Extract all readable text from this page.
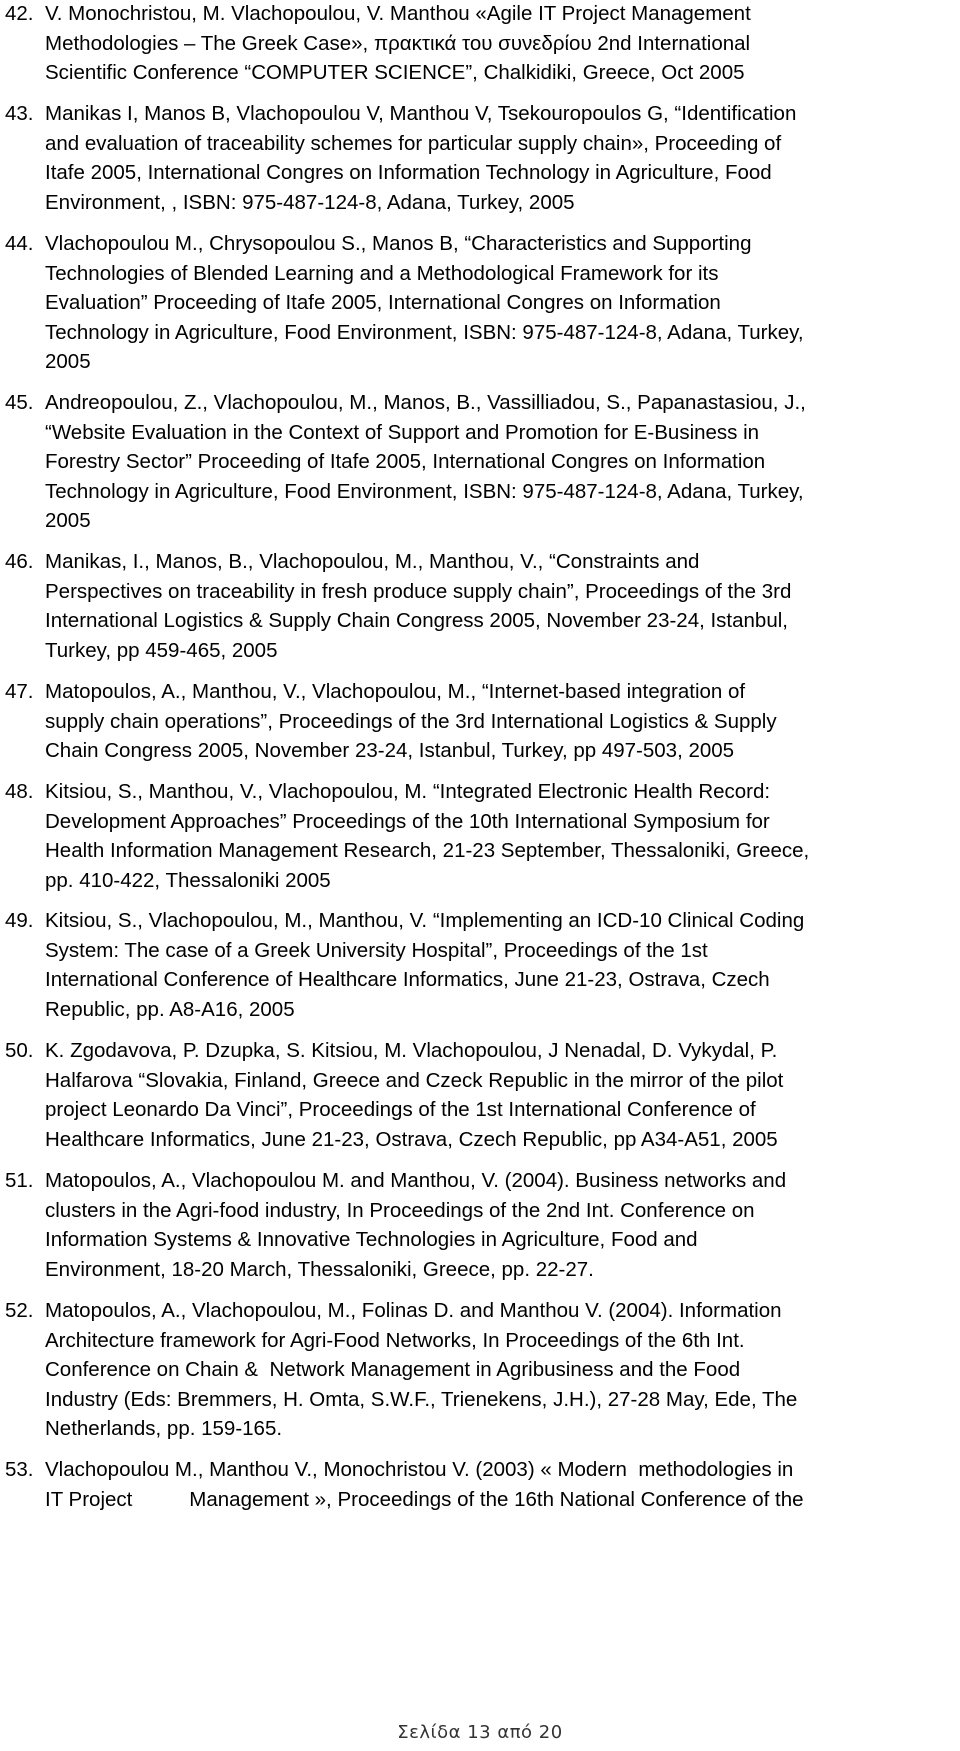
42. V. Monochristou, M. Vlachopoulou, V. Manthou «Agile IT Project Management
Methodologies – The Greek Case», πρακτικά του συνεδρίου 2nd International
Scientific Conference “COMPUTER SCIENCE”, Chalkidiki, Greece, Oct 2005
43. Manikas I, Manos B, Vlachopoulou V, Manthou V, Tsekouropoulos G, “Identification
and evaluation of traceability schemes for particular supply chain», Proceeding of
Itafe 2005, International Congres on Information Technology in Agriculture, Food
Environment, , ISBN: 975-487-124-8, Adana, Turkey, 2005
44. Vlachopoulou M., Chrysopoulou S., Manos B, “Characteristics and Supporting
Technologies of Blended Learning and a Methodological Framework for its
Evaluation” Proceeding of Itafe 2005, International Congres on Information
Technology in Agriculture, Food Environment, ISBN: 975-487-124-8, Adana, Turkey,
2005
45. Andreopoulou, Z., Vlachopoulou, M., Manos, B., Vassilliadou, S., Papanastasiou, J.,
“Website Evaluation in the Context of Support and Promotion for E-Business in
Forestry Sector” Proceeding of Itafe 2005, International Congres on Information
Technology in Agriculture, Food Environment, ISBN: 975-487-124-8, Adana, Turkey,
2005
46. Manikas, I., Manos, B., Vlachopoulou, M., Manthou, V., “Constraints and
Perspectives on traceability in fresh produce supply chain”, Proceedings of the 3rd
International Logistics & Supply Chain Congress 2005, November 23-24, Istanbul,
Turkey, pp 459-465, 2005
47. Matopoulos, A., Manthou, V., Vlachopoulou, M., “Internet-based integration of
supply chain operations”, Proceedings of the 3rd International Logistics & Supply
Chain Congress 2005, November 23-24, Istanbul, Turkey, pp 497-503, 2005
48. Kitsiou, S., Manthou, V., Vlachopoulou, M. “Integrated Electronic Health Record:
Development Approaches” Proceedings of the 10th International Symposium for
Health Information Management Research, 21-23 September, Thessaloniki, Greece,
pp. 410-422, Thessaloniki 2005
49. Kitsiou, S., Vlachopoulou, M., Manthou, V. “Implementing an ICD-10 Clinical Coding
System: The case of a Greek University Hospital”, Proceedings of the 1st
International Conference of Healthcare Informatics, June 21-23, Ostrava, Czech
Republic, pp. A8-A16, 2005
50. K. Zgodavova, P. Dzupka, S. Kitsiou, M. Vlachopoulou, J Nenadal, D. Vykydal, P.
Halfarova “Slovakia, Finland, Greece and Czeck Republic in the mirror of the pilot
project Leonardo Da Vinci”, Proceedings of the 1st International Conference of
Healthcare Informatics, June 21-23, Ostrava, Czech Republic, pp A34-A51, 2005
51. Matopoulos, A., Vlachopoulou M. and Manthou, V. (2004). Business networks and
clusters in the Agri-food industry, In Proceedings of the 2nd Int. Conference on
Information Systems & Innovative Technologies in Agriculture, Food and
Environment, 18-20 March, Thessaloniki, Greece, pp. 22-27.
52. Matopoulos, A., Vlachopoulou, M., Folinas D. and Manthou V. (2004). Information
Architecture framework for Agri-Food Networks, In Proceedings of the 6th Int.
Conference on Chain &  Network Management in Agribusiness and the Food
Industry (Eds: Bremmers, H. Omta, S.W.F., Trienekens, J.H.), 27-28 May, Ede, The
Netherlands, pp. 159-165.
53. Vlachopoulou M., Manthou V., Monochristou V. (2003) « Modern  methodologies in
IT Project          Management », Proceedings of the 16th National Conference of the
Σελίδα 13 από 20
